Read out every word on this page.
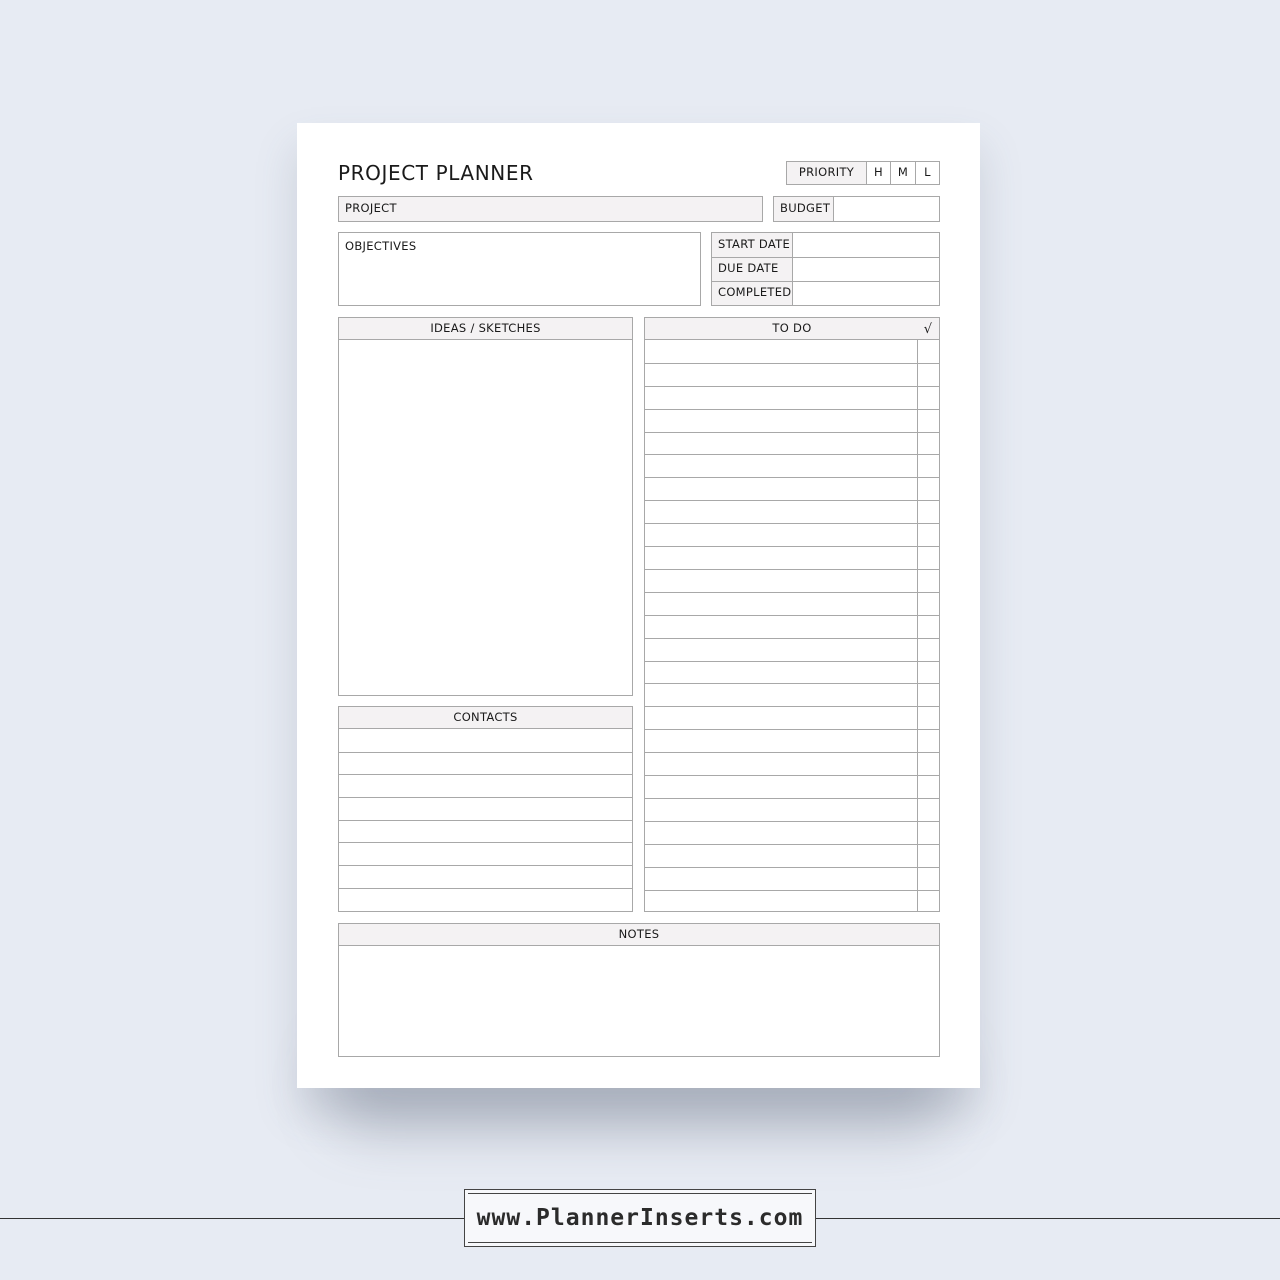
PROJECT PLANNER	PRIORITY	H	M	L
PROJECT	BUDGET
OBJECTIVES	START DATE
DUE DATE
COMPLETED
IDEAS / SKETCHES
CONTACTS
TO DO	√
NOTES
www.PlannerInserts.com
